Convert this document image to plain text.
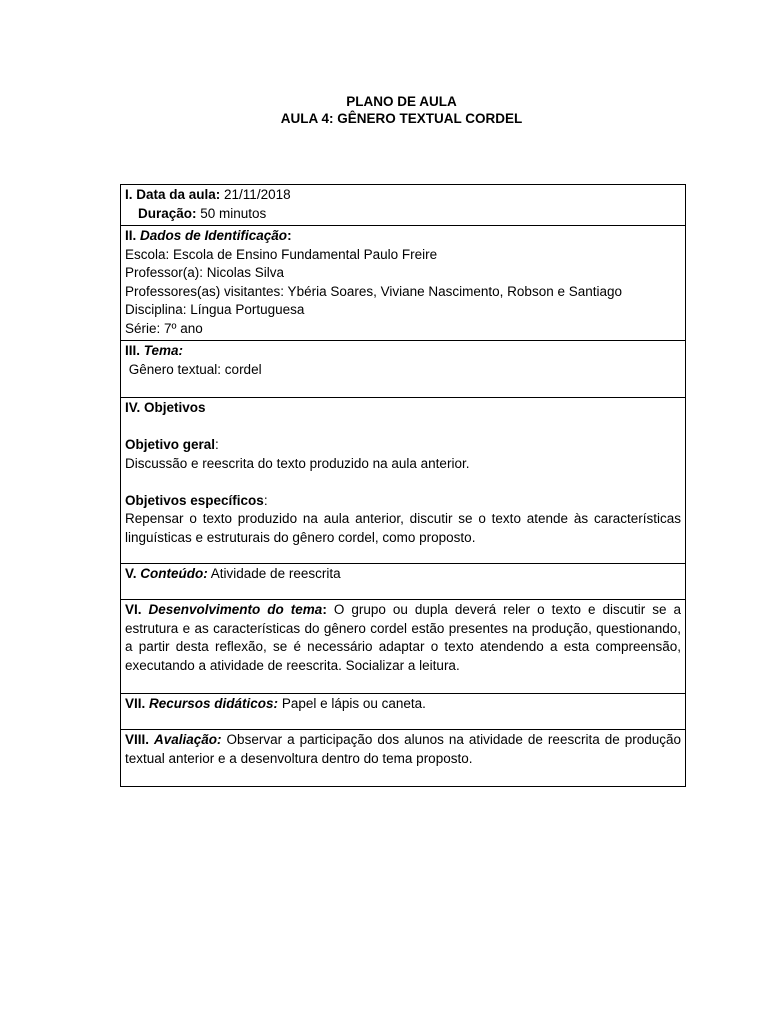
PLANO DE AULA
AULA 4: GÊNERO TEXTUAL CORDEL
I. Data da aula: 21/11/2018
Duração: 50 minutos

II. Dados de Identificação:
Escola: Escola de Ensino Fundamental Paulo Freire
Professor(a): Nicolas Silva
Professores(as) visitantes: Ybéria Soares, Viviane Nascimento, Robson e Santiago
Disciplina: Língua Portuguesa
Série: 7º ano

III. Tema:
Gênero textual: cordel

IV. Objetivos
Objetivo geral:
Discussão e reescrita do texto produzido na aula anterior.
Objetivos específicos:
Repensar o texto produzido na aula anterior, discutir se o texto atende às características linguísticas e estruturais do gênero cordel, como proposto.

V. Conteúdo: Atividade de reescrita

VI. Desenvolvimento do tema: O grupo ou dupla deverá reler o texto e discutir se a estrutura e as características do gênero cordel estão presentes na produção, questionando, a partir desta reflexão, se é necessário adaptar o texto atendendo a esta compreensão, executando a atividade de reescrita. Socializar a leitura.

VII. Recursos didáticos: Papel e lápis ou caneta.

VIII. Avaliação: Observar a participação dos alunos na atividade de reescrita de produção textual anterior e a desenvoltura dentro do tema proposto.
